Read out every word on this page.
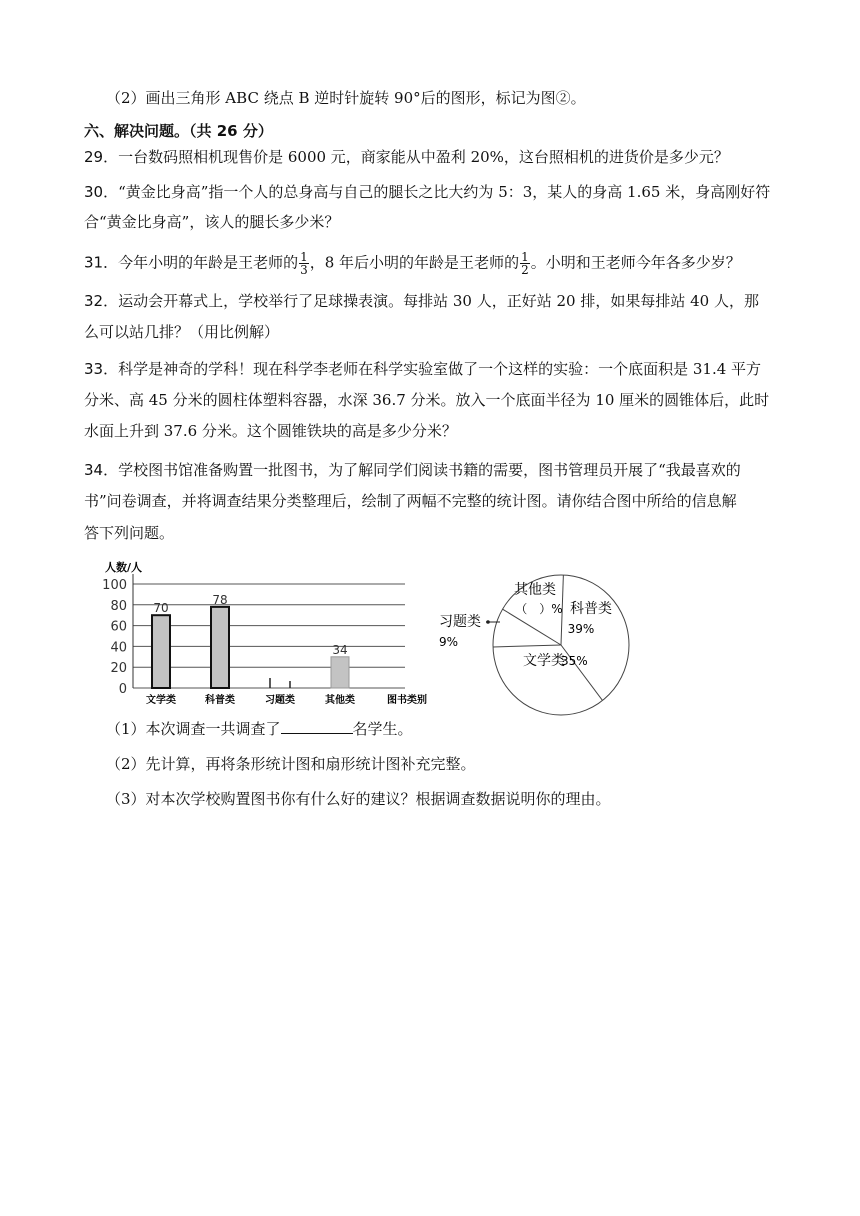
（2）画出三角形 ABC 绕点 B 逆时针旋转 90°后的图形，标记为图②。
六、解决问题。（共 26 分）
29．一台数码照相机现售价是 6000 元，商家能从中盈利 20%，这台照相机的进货价是多少元？
30．“黄金比身高”指一个人的总身高与自己的腿长之比大约为 5：3，某人的身高 1.65 米，身高刚好符
合“黄金比身高”，该人的腿长多少米？
31．今年小明的年龄是王老师的 $\frac{1}{3}$ ，8 年后小明的年龄是王老师的 $\frac{1}{2}$ 。小明和王老师今年各多少岁？
32．运动会开幕式上，学校举行了足球操表演。每排站 30 人，正好站 20 排，如果每排站 40 人，那
么可以站几排？（用比例解）
33．科学是神奇的学科！现在科学李老师在科学实验室做了一个这样的实验：一个底面积是 31.4 平方
分米、高 45 分米的圆柱体塑料容器，水深 36.7 分米。放入一个底面半径为 10 厘米的圆锥体后，此时
水面上升到 37.6 分米。这个圆锥铁块的高是多少分米？
34．学校图书馆准备购置一批图书，为了解同学们阅读书籍的需要，图书管理员开展了“我最喜欢的
书”问卷调查，并将调查结果分类整理后，绘制了两幅不完整的统计图。请你结合图中所给的信息解
答下列问题。
人数/人
0
20
40
60
80
100
70
文学类
78
科普类	习题类
34
其他类	图书类别
科普类
39%
文学类
35%
习题类
9%
其他类
（　）%
（1）本次调查一共调查了	名学生。
（2）先计算，再将条形统计图和扇形统计图补充完整。
（3）对本次学校购置图书你有什么好的建议？根据调查数据说明你的理由。
